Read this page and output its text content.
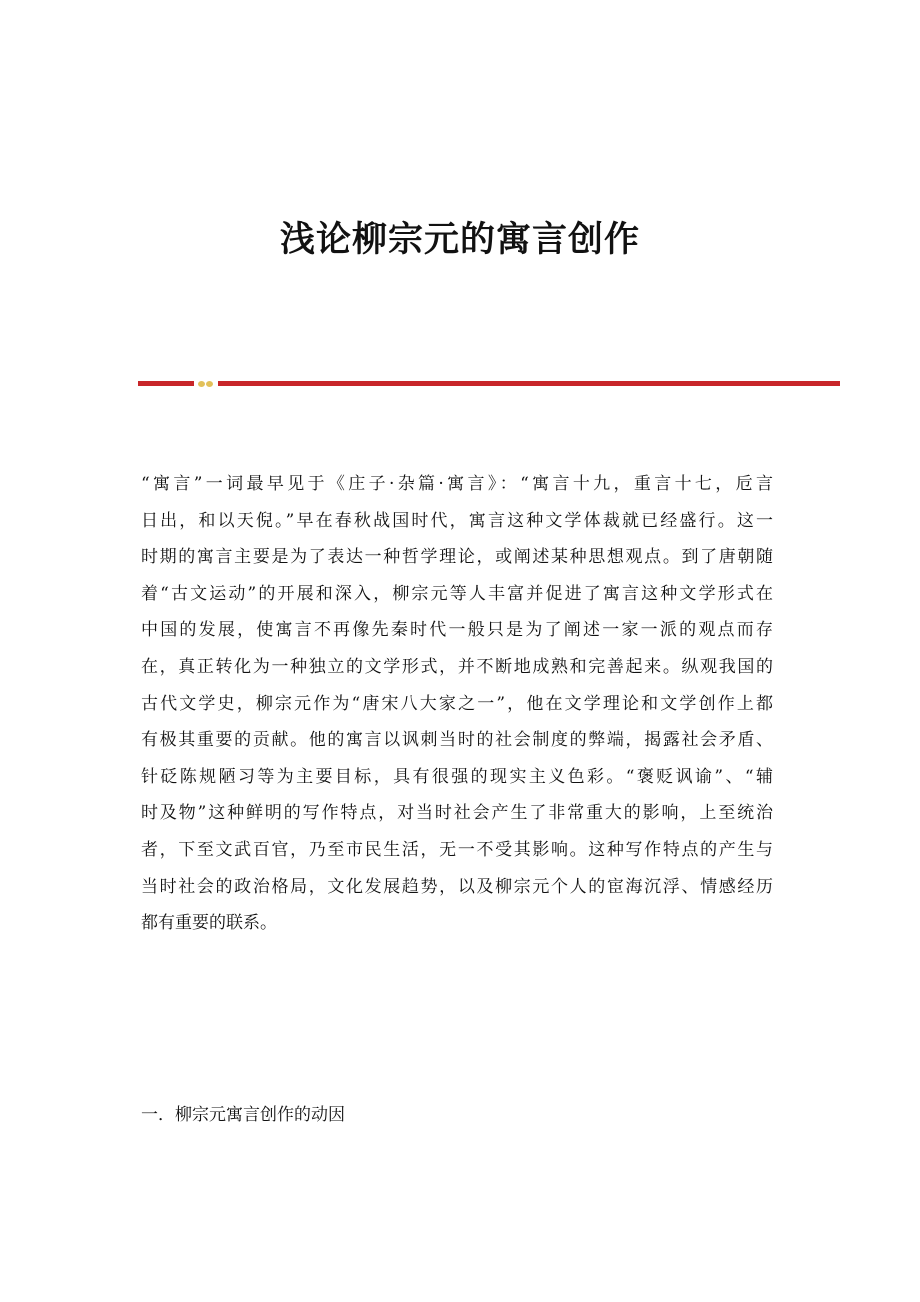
浅论柳宗元的寓言创作

“寓言”一词最早见于《庄子·杂篇·寓言》：“寓言十九，重言十七，卮言
日出，和以天倪。”早在春秋战国时代，寓言这种文学体裁就已经盛行。这一
时期的寓言主要是为了表达一种哲学理论，或阐述某种思想观点。到了唐朝随
着“古文运动”的开展和深入，柳宗元等人丰富并促进了寓言这种文学形式在
中国的发展，使寓言不再像先秦时代一般只是为了阐述一家一派的观点而存
在，真正转化为一种独立的文学形式，并不断地成熟和完善起来。纵观我国的
古代文学史，柳宗元作为“唐宋八大家之一”，他在文学理论和文学创作上都
有极其重要的贡献。他的寓言以讽刺当时的社会制度的弊端，揭露社会矛盾、
针砭陈规陋习等为主要目标，具有很强的现实主义色彩。“褒贬讽谕”、“辅
时及物”这种鲜明的写作特点，对当时社会产生了非常重大的影响，上至统治
者，下至文武百官，乃至市民生活，无一不受其影响。这种写作特点的产生与
当时社会的政治格局，文化发展趋势，以及柳宗元个人的宦海沉浮、情感经历
都有重要的联系。

一．柳宗元寓言创作的动因
